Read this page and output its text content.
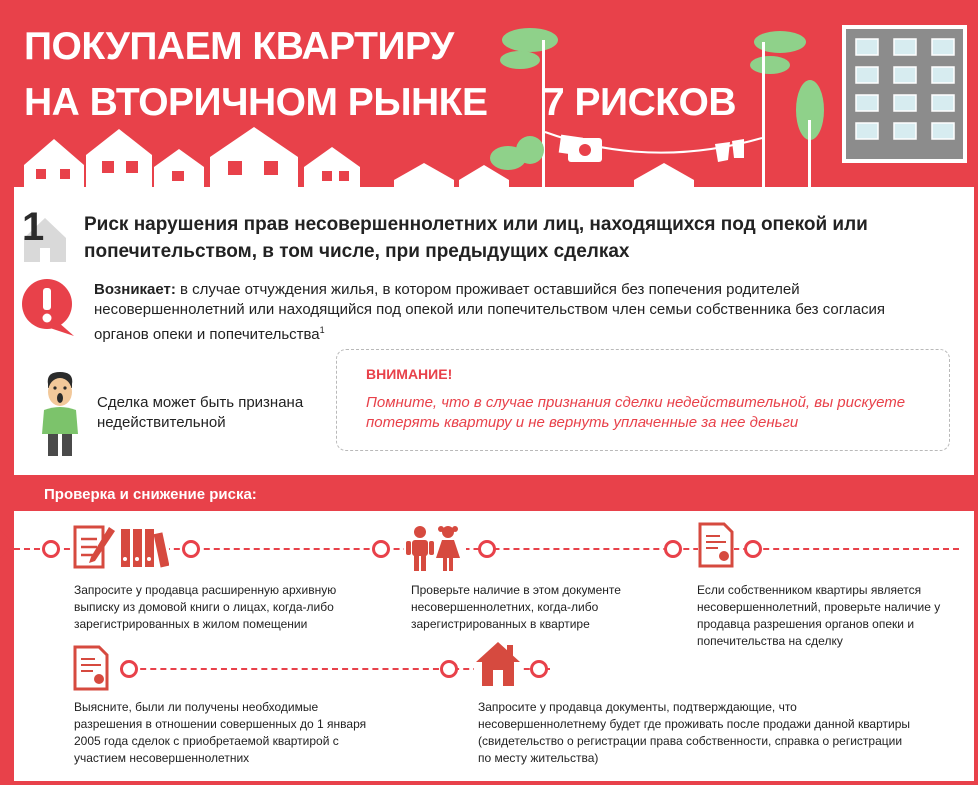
ПОКУПАЕМ КВАРТИРУ
НА ВТОРИЧНОМ РЫНКЕ 7 РИСКОВ
1 Риск нарушения прав несовершеннолетних или лиц, находящихся под опекой или попечительством, в том числе, при предыдущих сделках
Возникает: в случае отчуждения жилья, в котором проживает оставшийся без попечения родителей несовершеннолетний или находящийся под опекой или попечительством член семьи собственника без согласия органов опеки и попечительства$^1$
Сделка может быть признана недействительной
ВНИМАНИЕ!
Помните, что в случае признания сделки недействительной, вы рискуете потерять квартиру и не вернуть уплаченные за нее деньги
Проверка и снижение риска:
Запросите у продавца расширенную архивную выписку из домовой книги о лицах, когда-либо зарегистрированных в жилом помещении
Проверьте наличие в этом документе несовершеннолетних, когда-либо зарегистрированных в квартире
Если собственником квартиры является несовершеннолетний, проверьте наличие у продавца разрешения органов опеки и попечительства на сделку
Выясните, были ли получены необходимые разрешения в отношении совершенных до 1 января 2005 года сделок с приобретаемой квартирой с участием несовершеннолетних
Запросите у продавца документы, подтверждающие, что несовершеннолетнему будет где проживать после продажи данной квартиры (свидетельство о регистрации права собственности, справка о регистрации по месту жительства)
